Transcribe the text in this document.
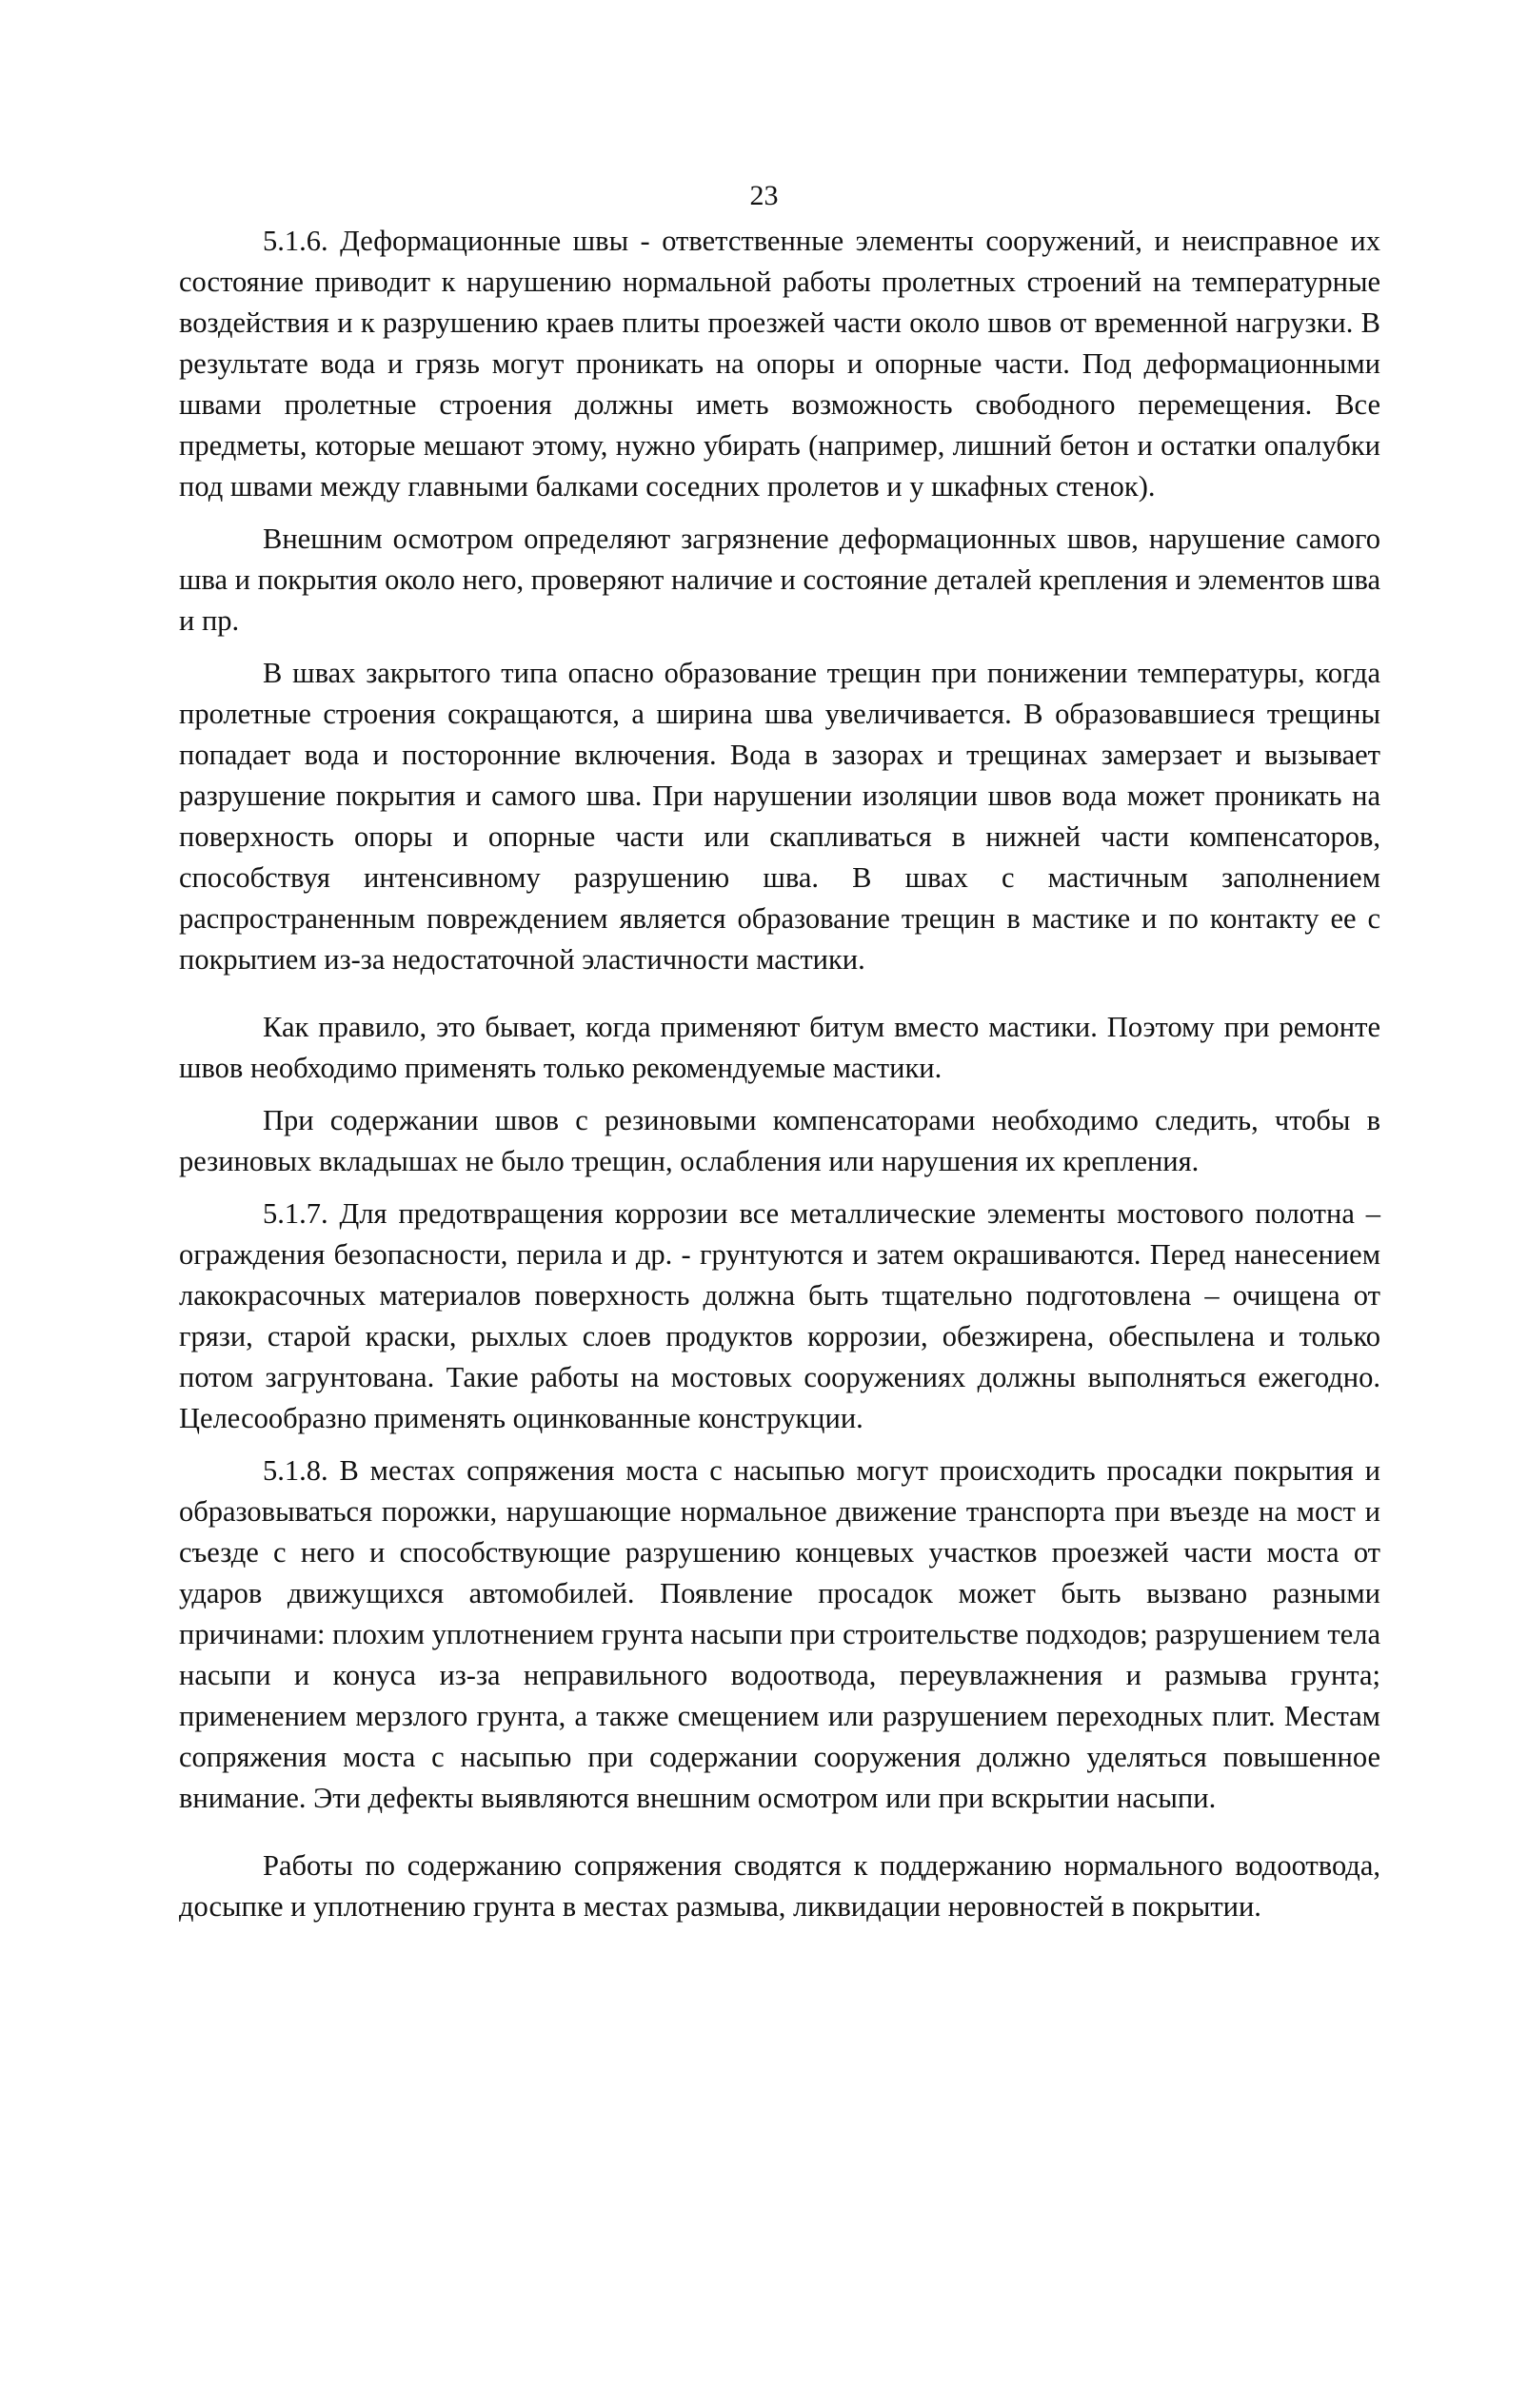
23

5.1.6. Деформационные швы - ответственные элементы сооружений, и неисправное их состояние приводит к нарушению нормальной работы пролетных строений на температурные воздействия и к разрушению краев плиты проезжей части около швов от временной нагрузки. В результате вода и грязь могут проникать на опоры и опорные части. Под деформационными швами пролетные строения должны иметь возможность свободного перемещения. Все предметы, которые мешают этому, нужно убирать (например, лишний бетон и остатки опалубки под швами между главными балками соседних пролетов и у шкафных стенок).

Внешним осмотром определяют загрязнение деформационных швов, нарушение самого шва и покрытия около него, проверяют наличие и состояние деталей крепления и элементов шва и пр.

В швах закрытого типа опасно образование трещин при понижении температуры, когда пролетные строения сокращаются, а ширина шва увеличивается. В образовавшиеся трещины попадает вода и посторонние включения. Вода в зазорах и трещинах замерзает и вызывает разрушение покрытия и самого шва. При нарушении изоляции швов вода может проникать на поверхность опоры и опорные части или скапливаться в нижней части компенсаторов, способствуя интенсивному разрушению шва. В швах с мастичным заполнением распространенным повреждением является образование трещин в мастике и по контакту ее с покрытием из-за недостаточной эластичности мастики.

Как правило, это бывает, когда применяют битум вместо мастики. Поэтому при ремонте швов необходимо применять только рекомендуемые мастики.

При содержании швов с резиновыми компенсаторами необходимо следить, чтобы в резиновых вкладышах не было трещин, ослабления или нарушения их крепления.

5.1.7. Для предотвращения коррозии все металлические элементы мостового полотна – ограждения безопасности, перила и др. - грунтуются и затем окрашиваются. Перед нанесением лакокрасочных материалов поверхность должна быть тщательно подготовлена – очищена от грязи, старой краски, рыхлых слоев продуктов коррозии, обезжирена, обеспылена и только потом загрунтована. Такие работы на мостовых сооружениях должны выполняться ежегодно. Целесообразно применять оцинкованные конструкции.

5.1.8. В местах сопряжения моста с насыпью могут происходить просадки покрытия и образовываться порожки, нарушающие нормальное движение транспорта при въезде на мост и съезде с него и способствующие разрушению концевых участков проезжей части моста от ударов движущихся автомобилей. Появление просадок может быть вызвано разными причинами: плохим уплотнением грунта насыпи при строительстве подходов; разрушением тела насыпи и конуса из-за неправильного водоотвода, переувлажнения и размыва грунта; применением мерзлого грунта, а также смещением или разрушением переходных плит. Местам сопряжения моста с насыпью при содержании сооружения должно уделяться повышенное внимание. Эти дефекты выявляются внешним осмотром или при вскрытии насыпи.

Работы по содержанию сопряжения сводятся к поддержанию нормального водоотвода, досыпке и уплотнению грунта в местах размыва, ликвидации неровностей в покрытии.
